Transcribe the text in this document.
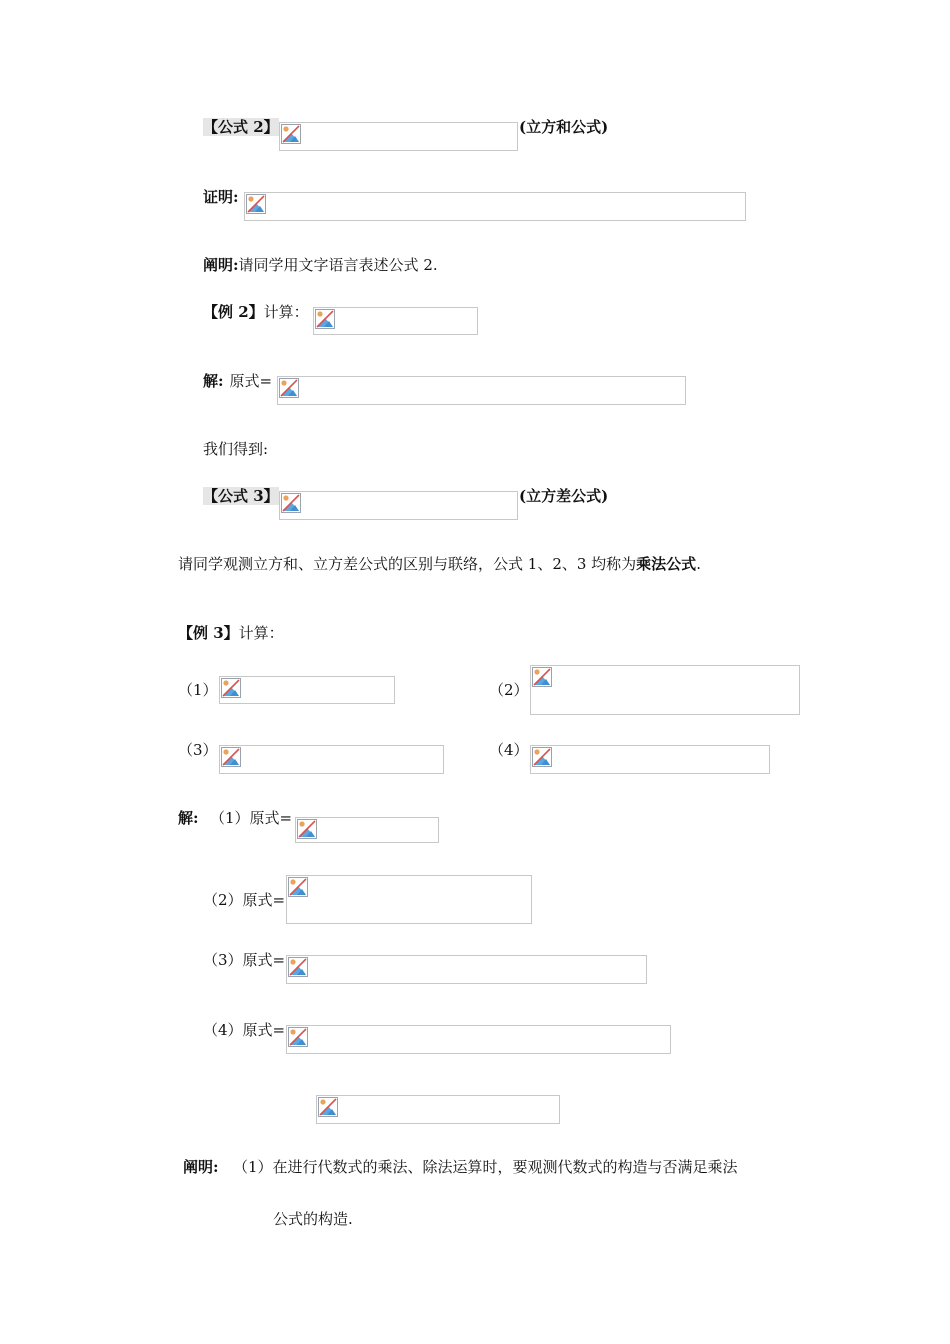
【公式 2】	(立方和公式)
证明:
阐明:请同学用文字语言表述公式 2.
【例 2】计算：
解: 原式=
我们得到:
【公式 3】	(立方差公式)
请同学观测立方和、立方差公式的区别与联络，公式 1、2、3 均称为乘法公式.
【例 3】计算：
（1）	（2）
（3）	（4）
解: （1）原式=
（2）原式=
（3）原式=
（4）原式=
阐明: （1）在进行代数式的乘法、除法运算时，要观测代数式的构造与否满足乘法
公式的构造.
